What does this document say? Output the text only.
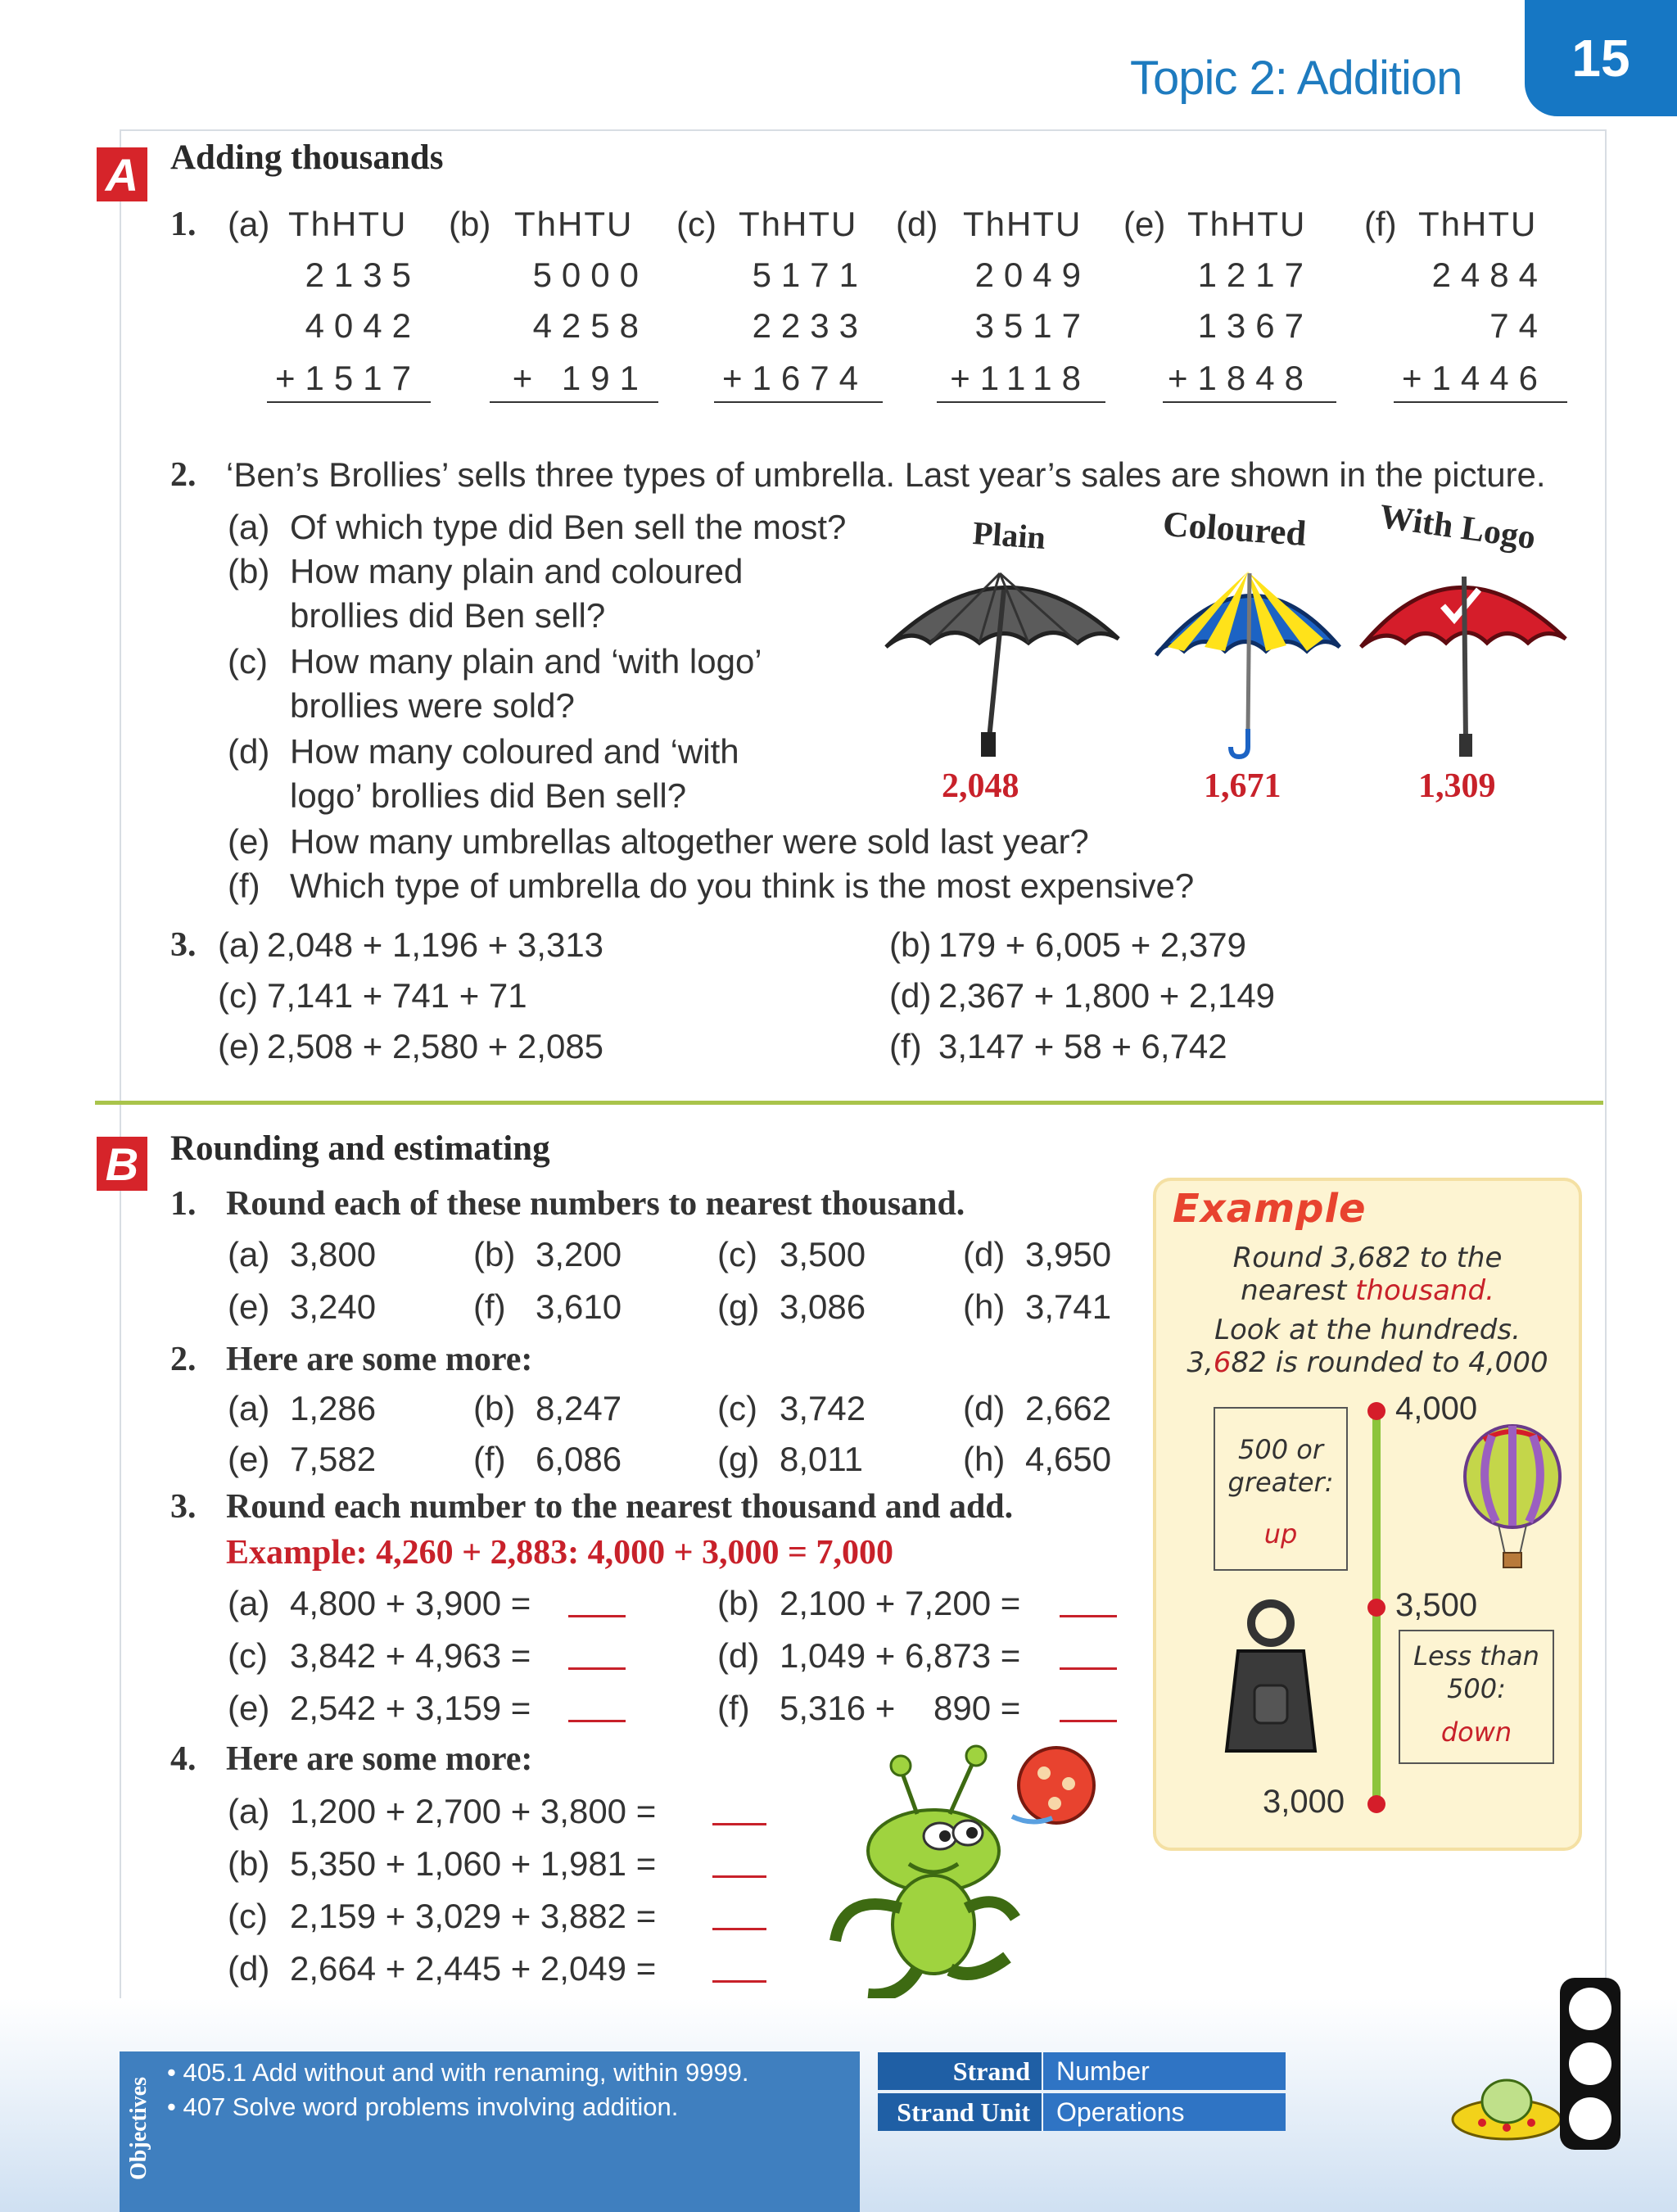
Topic 2: Addition	15
A Adding thousands
1. (a) ThHTU
2135
4042
+1517
(b) ThHTU
5000
4258
+ 191
(c) ThHTU
5171
2233
+1674
(d) ThHTU
2049
3517
+1118
(e) ThHTU
1217
1367
+1848
(f) ThHTU
2484
74
+1446
2. ‘Ben’s Brollies’ sells three types of umbrella. Last year’s sales are shown in the picture.
(a) Of which type did Ben sell the most?
(b) How many plain and coloured
brollies did Ben sell?
(c) How many plain and ‘with logo’
brollies were sold?
(d) How many coloured and ‘with
logo’ brollies did Ben sell?
(e) How many umbrellas altogether were sold last year?
(f) Which type of umbrella do you think is the most expensive?
Plain	Coloured With Logo
2,048	1,671	1,309
3. (a) 2,048 + 1,196 + 3,313	(b) 179 + 6,005 + 2,379
(c) 7,141 + 741 + 71	(d) 2,367 + 1,800 + 2,149
(e) 2,508 + 2,580 + 2,085	(f) 3,147 + 58 + 6,742
B Rounding and estimating
1. Round each of these numbers to nearest thousand.
(a) 3,800	(b) 3,200	(c) 3,500	(d) 3,950
(e) 3,240	(f) 3,610	(g) 3,086	(h) 3,741
2. Here are some more:
(a) 1,286	(b) 8,247	(c) 3,742	(d) 2,662
(e) 7,582	(f) 6,086	(g) 8,011	(h) 4,650
3. Round each number to the nearest thousand and add.
Example: 4,260 + 2,883: 4,000 + 3,000 = 7,000
(a) 4,800 + 3,900 =	(b) 2,100 + 7,200 =
(c) 3,842 + 4,963 =	(d) 1,049 + 6,873 =
(e) 2,542 + 3,159 =	(f) 5,316 +    890 =
4. Here are some more:
(a) 1,200 + 2,700 + 3,800 =
(b) 5,350 + 1,060 + 1,981 =
(c) 2,159 + 3,029 + 3,882 =
(d) 2,664 + 2,445 + 2,049 =
Example
Round 3,682 to the
nearest thousand.
Look at the hundreds.
3,682 is rounded to 4,000
4,000
3,500
3,000
500 or greater:
up
Less than 500:
down
Objectives
• 405.1 Add without and with renaming, within 9999.
• 407 Solve word problems involving addition.
Strand	Number
Strand Unit	Operations
